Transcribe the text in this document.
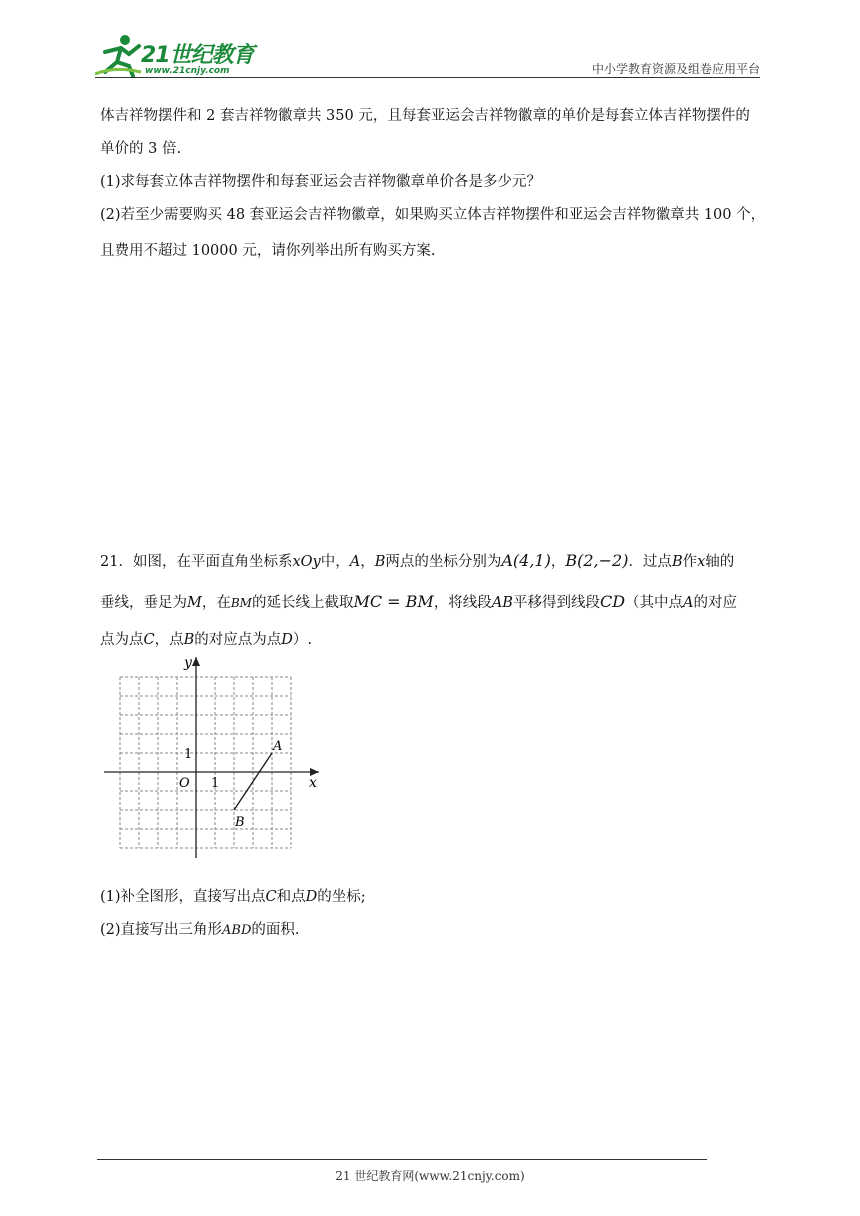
21世纪教育
www.21cnjy.com	中小学教育资源及组卷应用平台
体吉祥物摆件和 2 套吉祥物徽章共 350 元，且每套亚运会吉祥物徽章的单价是每套立体吉祥物摆件的
单价的 3 倍.
(1)求每套立体吉祥物摆件和每套亚运会吉祥物徽章单价各是多少元？
(2)若至少需要购买 48 套亚运会吉祥物徽章，如果购买立体吉祥物摆件和亚运会吉祥物徽章共 100 个，
且费用不超过 10000 元，请你列举出所有购买方案.
21．如图，在平面直角坐标系xOy中，A，B两点的坐标分别为A(4,1)，B(2,−2)．过点B作x轴的
垂线，垂足为M，在BM的延长线上截取MC = BM，将线段AB平移得到线段CD（其中点A的对应
点为点C，点B的对应点为点D）.
y
x
O 1
1
A
B
(1)补全图形，直接写出点C和点D的坐标;
(2)直接写出三角形ABD的面积.
21 世纪教育网(www.21cnjy.com)
